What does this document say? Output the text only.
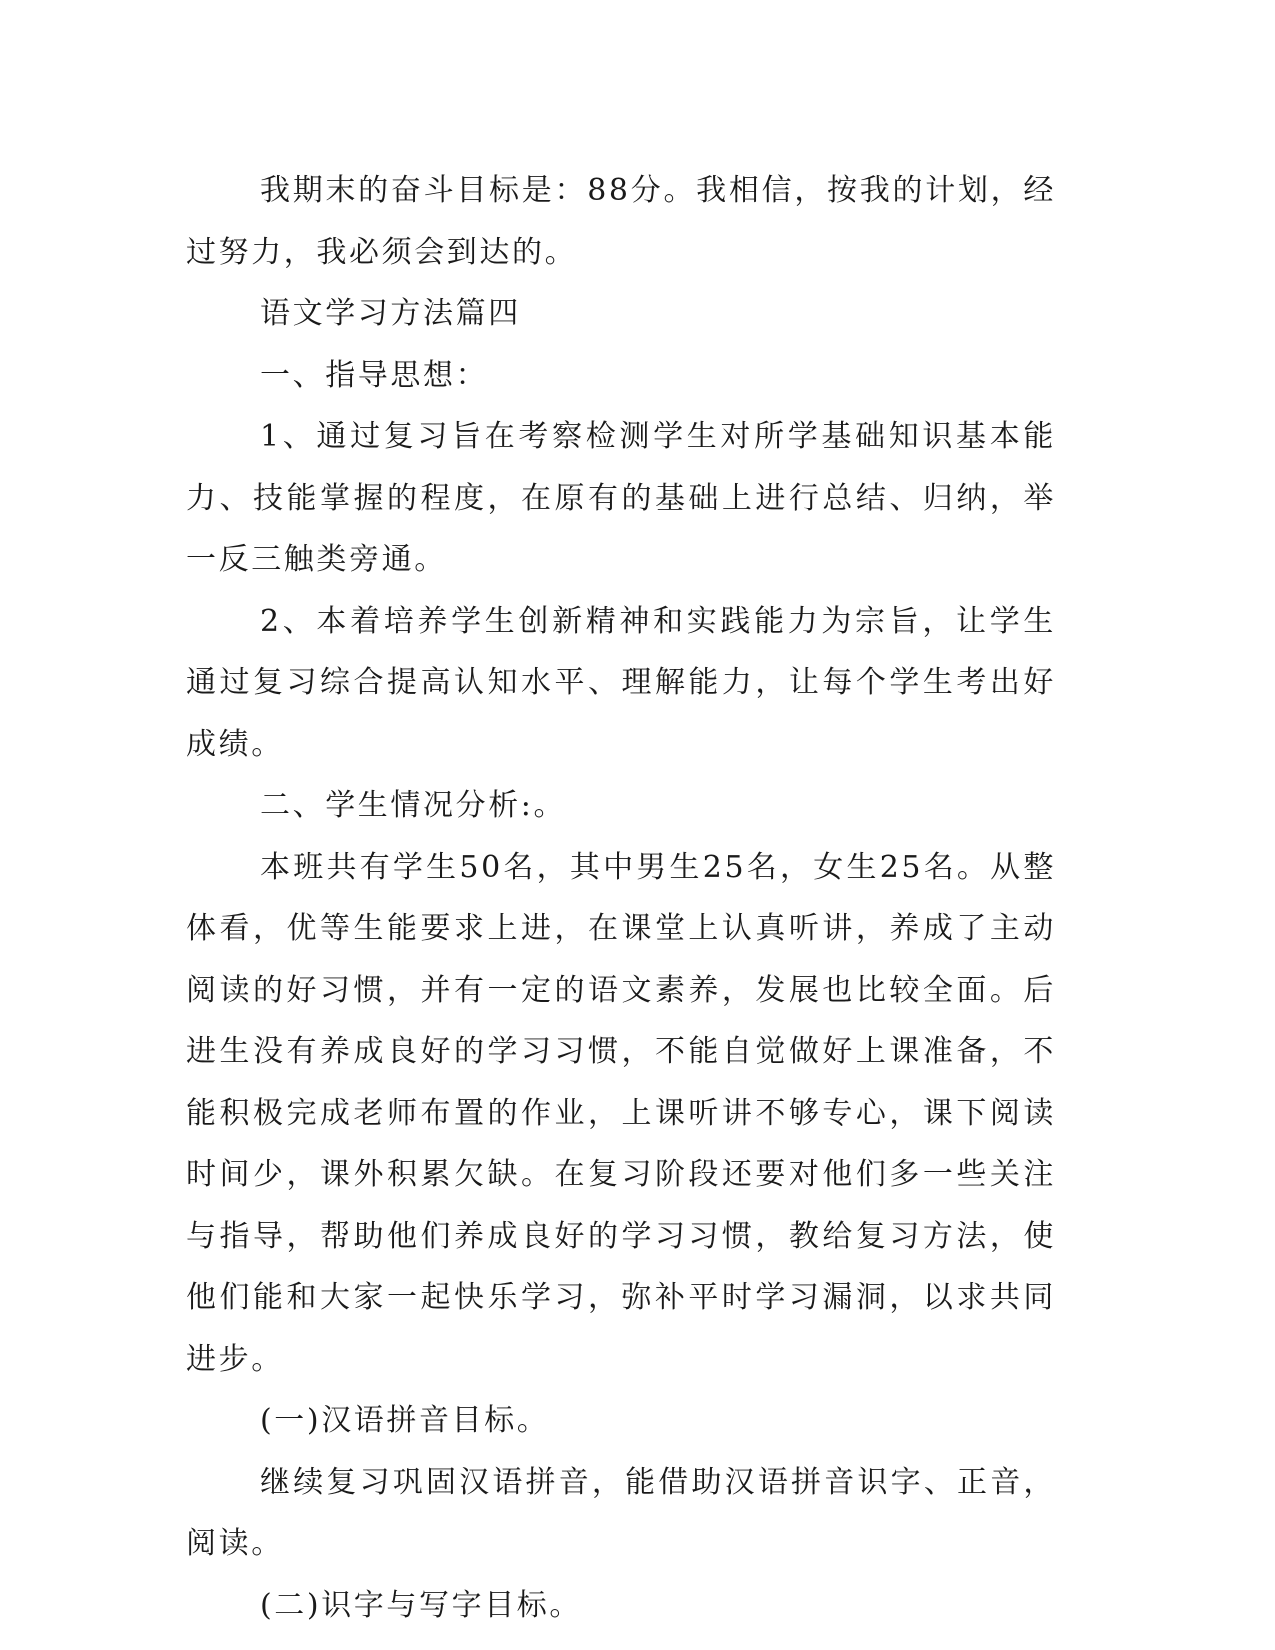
我期末的奋斗目标是：88分。我相信，按我的计划，经过努力，我必须会到达的。

语文学习方法篇四

一、指导思想：

1、通过复习旨在考察检测学生对所学基础知识基本能力、技能掌握的程度，在原有的基础上进行总结、归纳，举一反三触类旁通。

2、本着培养学生创新精神和实践能力为宗旨，让学生通过复习综合提高认知水平、理解能力，让每个学生考出好成绩。

二、学生情况分析:。

本班共有学生50名，其中男生25名，女生25名。从整体看，优等生能要求上进，在课堂上认真听讲，养成了主动阅读的好习惯，并有一定的语文素养，发展也比较全面。后进生没有养成良好的学习习惯，不能自觉做好上课准备，不能积极完成老师布置的作业，上课听讲不够专心，课下阅读时间少，课外积累欠缺。在复习阶段还要对他们多一些关注与指导，帮助他们养成良好的学习习惯，教给复习方法，使他们能和大家一起快乐学习，弥补平时学习漏洞，以求共同进步。

(一)汉语拼音目标。

继续复习巩固汉语拼音，能借助汉语拼音识字、正音，阅读。

(二)识字与写字目标。
